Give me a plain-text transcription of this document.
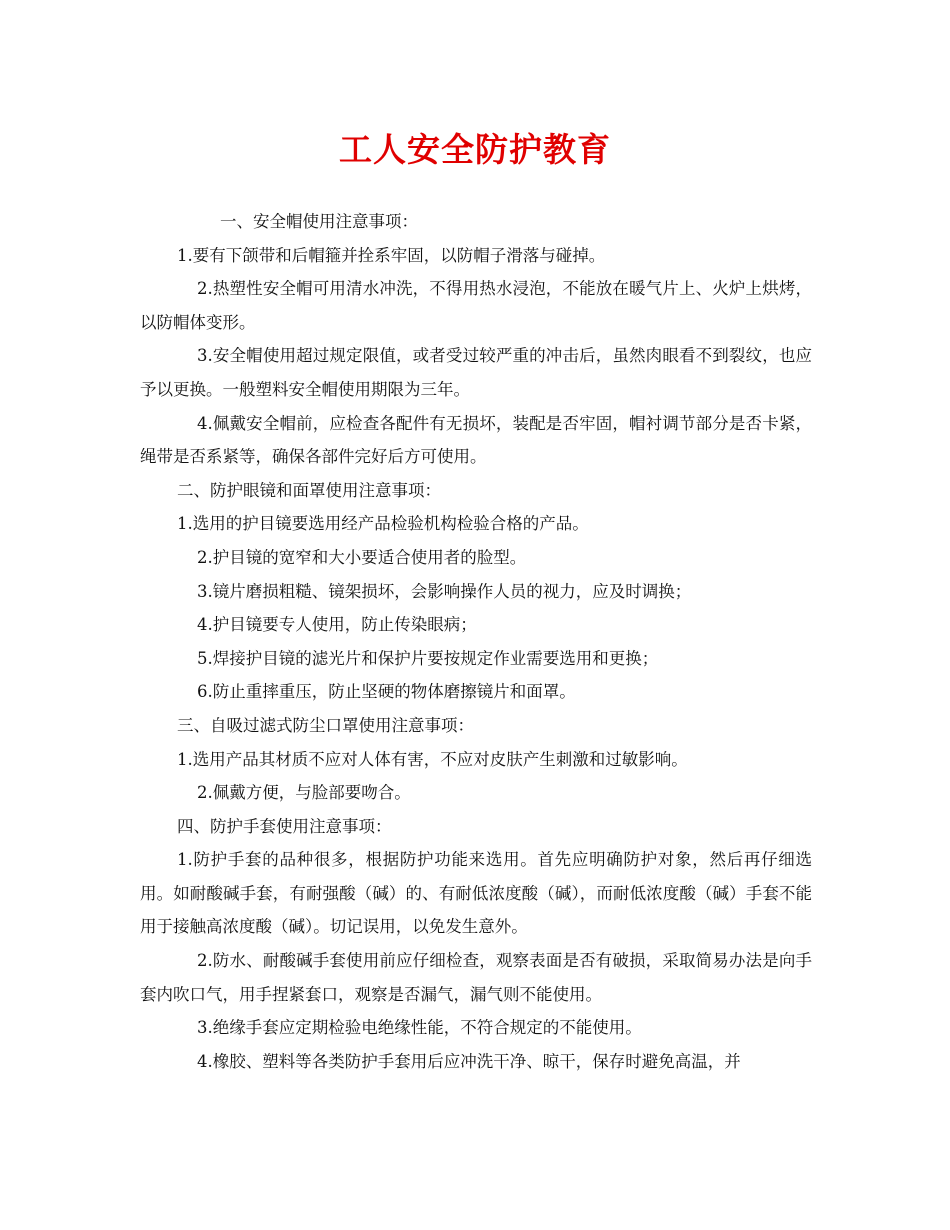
工人安全防护教育

一、安全帽使用注意事项：

1.要有下颌带和后帽箍并拴系牢固，以防帽子滑落与碰掉。

2.热塑性安全帽可用清水冲洗，不得用热水浸泡，不能放在暖气片上、火炉上烘烤，以防帽体变形。

3.安全帽使用超过规定限值，或者受过较严重的冲击后，虽然肉眼看不到裂纹，也应予以更换。一般塑料安全帽使用期限为三年。

4.佩戴安全帽前，应检查各配件有无损坏，装配是否牢固，帽衬调节部分是否卡紧，绳带是否系紧等，确保各部件完好后方可使用。

二、防护眼镜和面罩使用注意事项：

1.选用的护目镜要选用经产品检验机构检验合格的产品。

2.护目镜的宽窄和大小要适合使用者的脸型。

3.镜片磨损粗糙、镜架损坏，会影响操作人员的视力，应及时调换；

4.护目镜要专人使用，防止传染眼病；

5.焊接护目镜的滤光片和保护片要按规定作业需要选用和更换；

6.防止重摔重压，防止坚硬的物体磨擦镜片和面罩。

三、自吸过滤式防尘口罩使用注意事项：

1.选用产品其材质不应对人体有害，不应对皮肤产生刺激和过敏影响。

2.佩戴方便，与脸部要吻合。

四、防护手套使用注意事项：

1.防护手套的品种很多，根据防护功能来选用。首先应明确防护对象，然后再仔细选用。如耐酸碱手套，有耐强酸（碱）的、有耐低浓度酸（碱），而耐低浓度酸（碱）手套不能用于接触高浓度酸（碱）。切记误用，以免发生意外。

2.防水、耐酸碱手套使用前应仔细检查，观察表面是否有破损，采取简易办法是向手套内吹口气，用手捏紧套口，观察是否漏气，漏气则不能使用。

3.绝缘手套应定期检验电绝缘性能，不符合规定的不能使用。

4.橡胶、塑料等各类防护手套用后应冲洗干净、晾干，保存时避免高温，并
